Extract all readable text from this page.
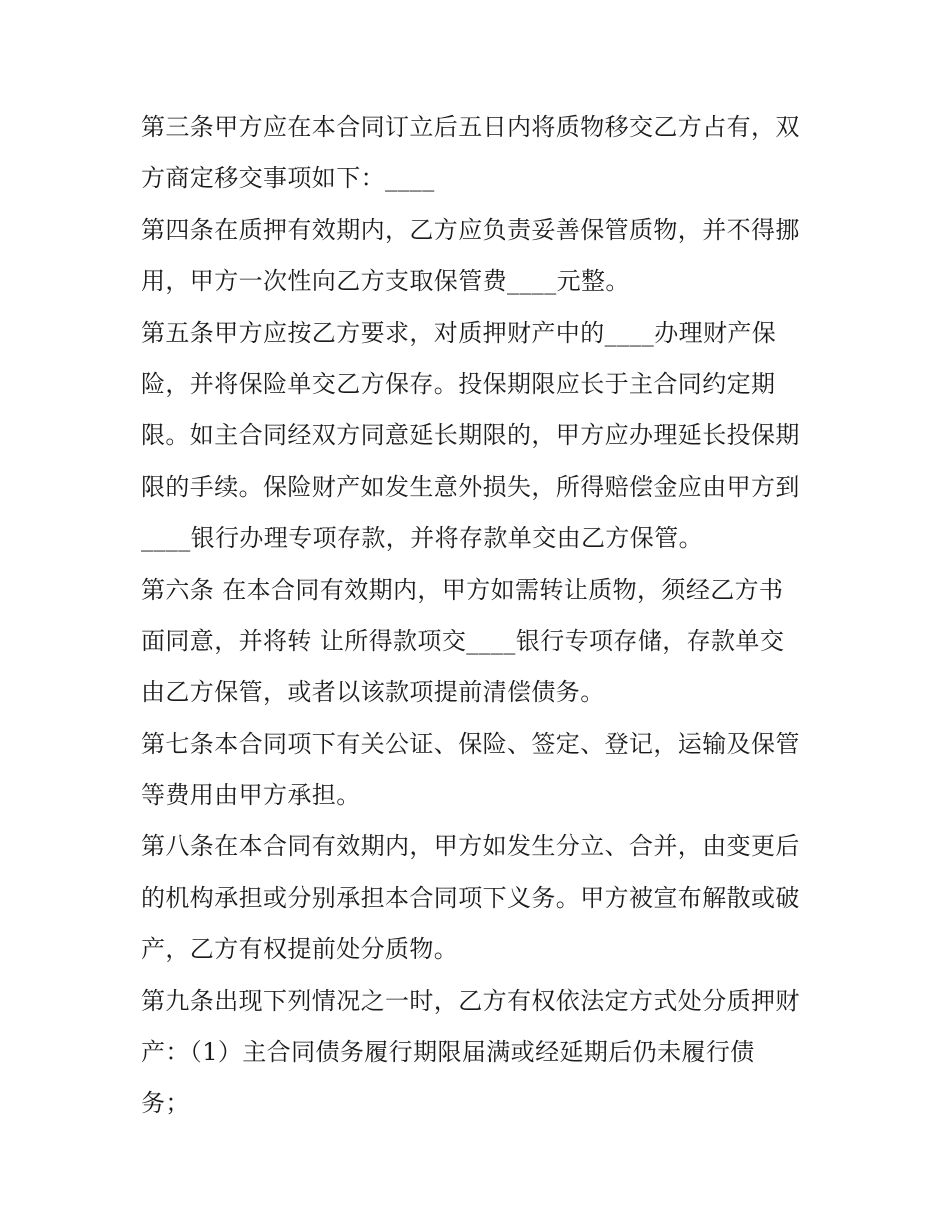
第三条甲方应在本合同订立后五日内将质物移交乙方占有，双
方商定移交事项如下：____
第四条在质押有效期内，乙方应负责妥善保管质物，并不得挪
用，甲方一次性向乙方支取保管费____元整。
第五条甲方应按乙方要求，对质押财产中的____办理财产保
险，并将保险单交乙方保存。投保期限应长于主合同约定期
限。如主合同经双方同意延长期限的，甲方应办理延长投保期
限的手续。保险财产如发生意外损失，所得赔偿金应由甲方到
____银行办理专项存款，并将存款单交由乙方保管。
第六条 在本合同有效期内，甲方如需转让质物，须经乙方书
面同意，并将转 让所得款项交____银行专项存储，存款单交
由乙方保管，或者以该款项提前清偿债务。
第七条本合同项下有关公证、保险、签定、登记，运输及保管
等费用由甲方承担。
第八条在本合同有效期内，甲方如发生分立、合并，由变更后
的机构承担或分别承担本合同项下义务。甲方被宣布解散或破
产，乙方有权提前处分质物。
第九条出现下列情况之一时，乙方有权依法定方式处分质押财
产：（1）主合同债务履行期限届满或经延期后仍未履行债
务；
